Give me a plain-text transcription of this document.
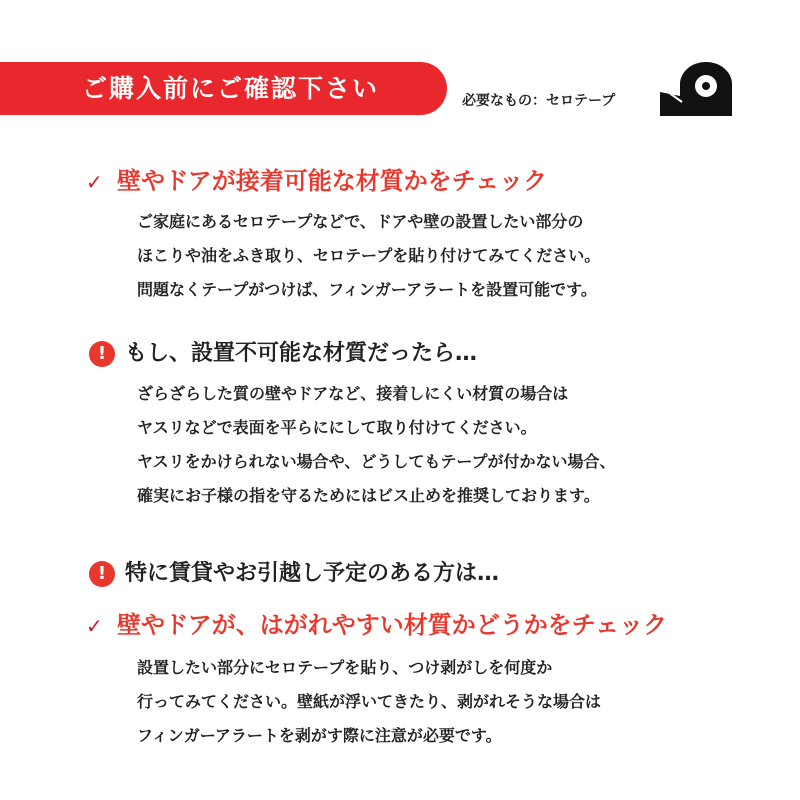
ご購入前にご確認下さい	必要なもの：セロテープ
✓ 壁やドアが接着可能な材質かをチェック
ご家庭にあるセロテープなどで、ドアや壁の設置したい部分の
ほこりや油をふき取り、セロテープを貼り付けてみてください。
問題なくテープがつけば、フィンガーアラートを設置可能です。
! もし、設置不可能な材質だったら…
ざらざらした質の壁やドアなど、接着しにくい材質の場合は
ヤスリなどで表面を平らににして取り付けてください。
ヤスリをかけられない場合や、どうしてもテープが付かない場合、
確実にお子様の指を守るためにはビス止めを推奨しております。
! 特に賃貸やお引越し予定のある方は…
✓ 壁やドアが、はがれやすい材質かどうかをチェック
設置したい部分にセロテープを貼り、つけ剥がしを何度か
行ってみてください。壁紙が浮いてきたり、剥がれそうな場合は
フィンガーアラートを剥がす際に注意が必要です。
